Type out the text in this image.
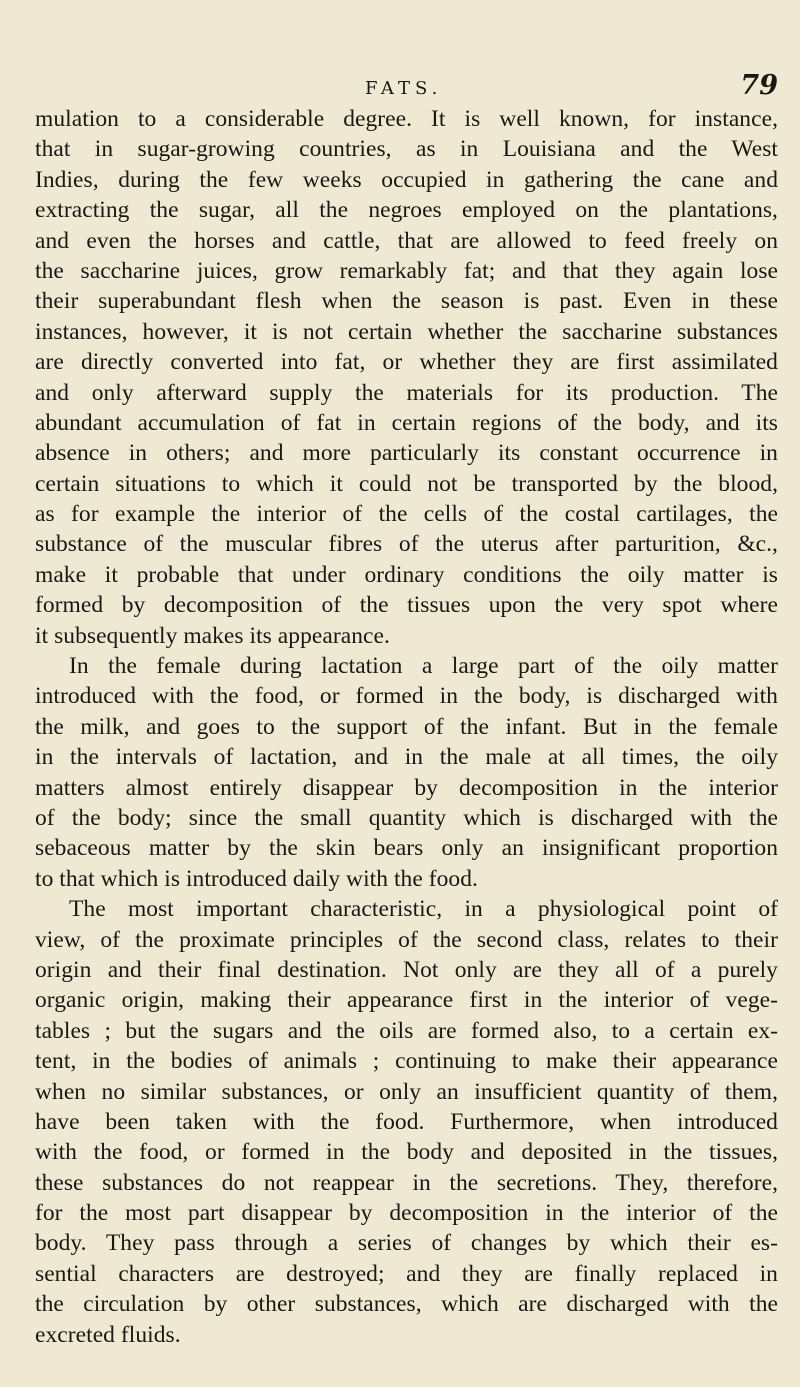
FATS.	79
mulation to a considerable degree. It is well known, for instance,
that in sugar-growing countries, as in Louisiana and the West
Indies, during the few weeks occupied in gathering the cane and
extracting the sugar, all the negroes employed on the plantations,
and even the horses and cattle, that are allowed to feed freely on
the saccharine juices, grow remarkably fat; and that they again lose
their superabundant flesh when the season is past. Even in these
instances, however, it is not certain whether the saccharine substances
are directly converted into fat, or whether they are first assimilated
and only afterward supply the materials for its production. The
abundant accumulation of fat in certain regions of the body, and its
absence in others; and more particularly its constant occurrence in
certain situations to which it could not be transported by the blood,
as for example the interior of the cells of the costal cartilages, the
substance of the muscular fibres of the uterus after parturition, &c.,
make it probable that under ordinary conditions the oily matter is
formed by decomposition of the tissues upon the very spot where
it subsequently makes its appearance.
In the female during lactation a large part of the oily matter
introduced with the food, or formed in the body, is discharged with
the milk, and goes to the support of the infant. But in the female
in the intervals of lactation, and in the male at all times, the oily
matters almost entirely disappear by decomposition in the interior
of the body; since the small quantity which is discharged with the
sebaceous matter by the skin bears only an insignificant proportion
to that which is introduced daily with the food.
The most important characteristic, in a physiological point of
view, of the proximate principles of the second class, relates to their
origin and their final destination. Not only are they all of a purely
organic origin, making their appearance first in the interior of vege-
tables ; but the sugars and the oils are formed also, to a certain ex-
tent, in the bodies of animals ; continuing to make their appearance
when no similar substances, or only an insufficient quantity of them,
have been taken with the food. Furthermore, when introduced
with the food, or formed in the body and deposited in the tissues,
these substances do not reappear in the secretions. They, therefore,
for the most part disappear by decomposition in the interior of the
body. They pass through a series of changes by which their es-
sential characters are destroyed; and they are finally replaced in
the circulation by other substances, which are discharged with the
excreted fluids.
